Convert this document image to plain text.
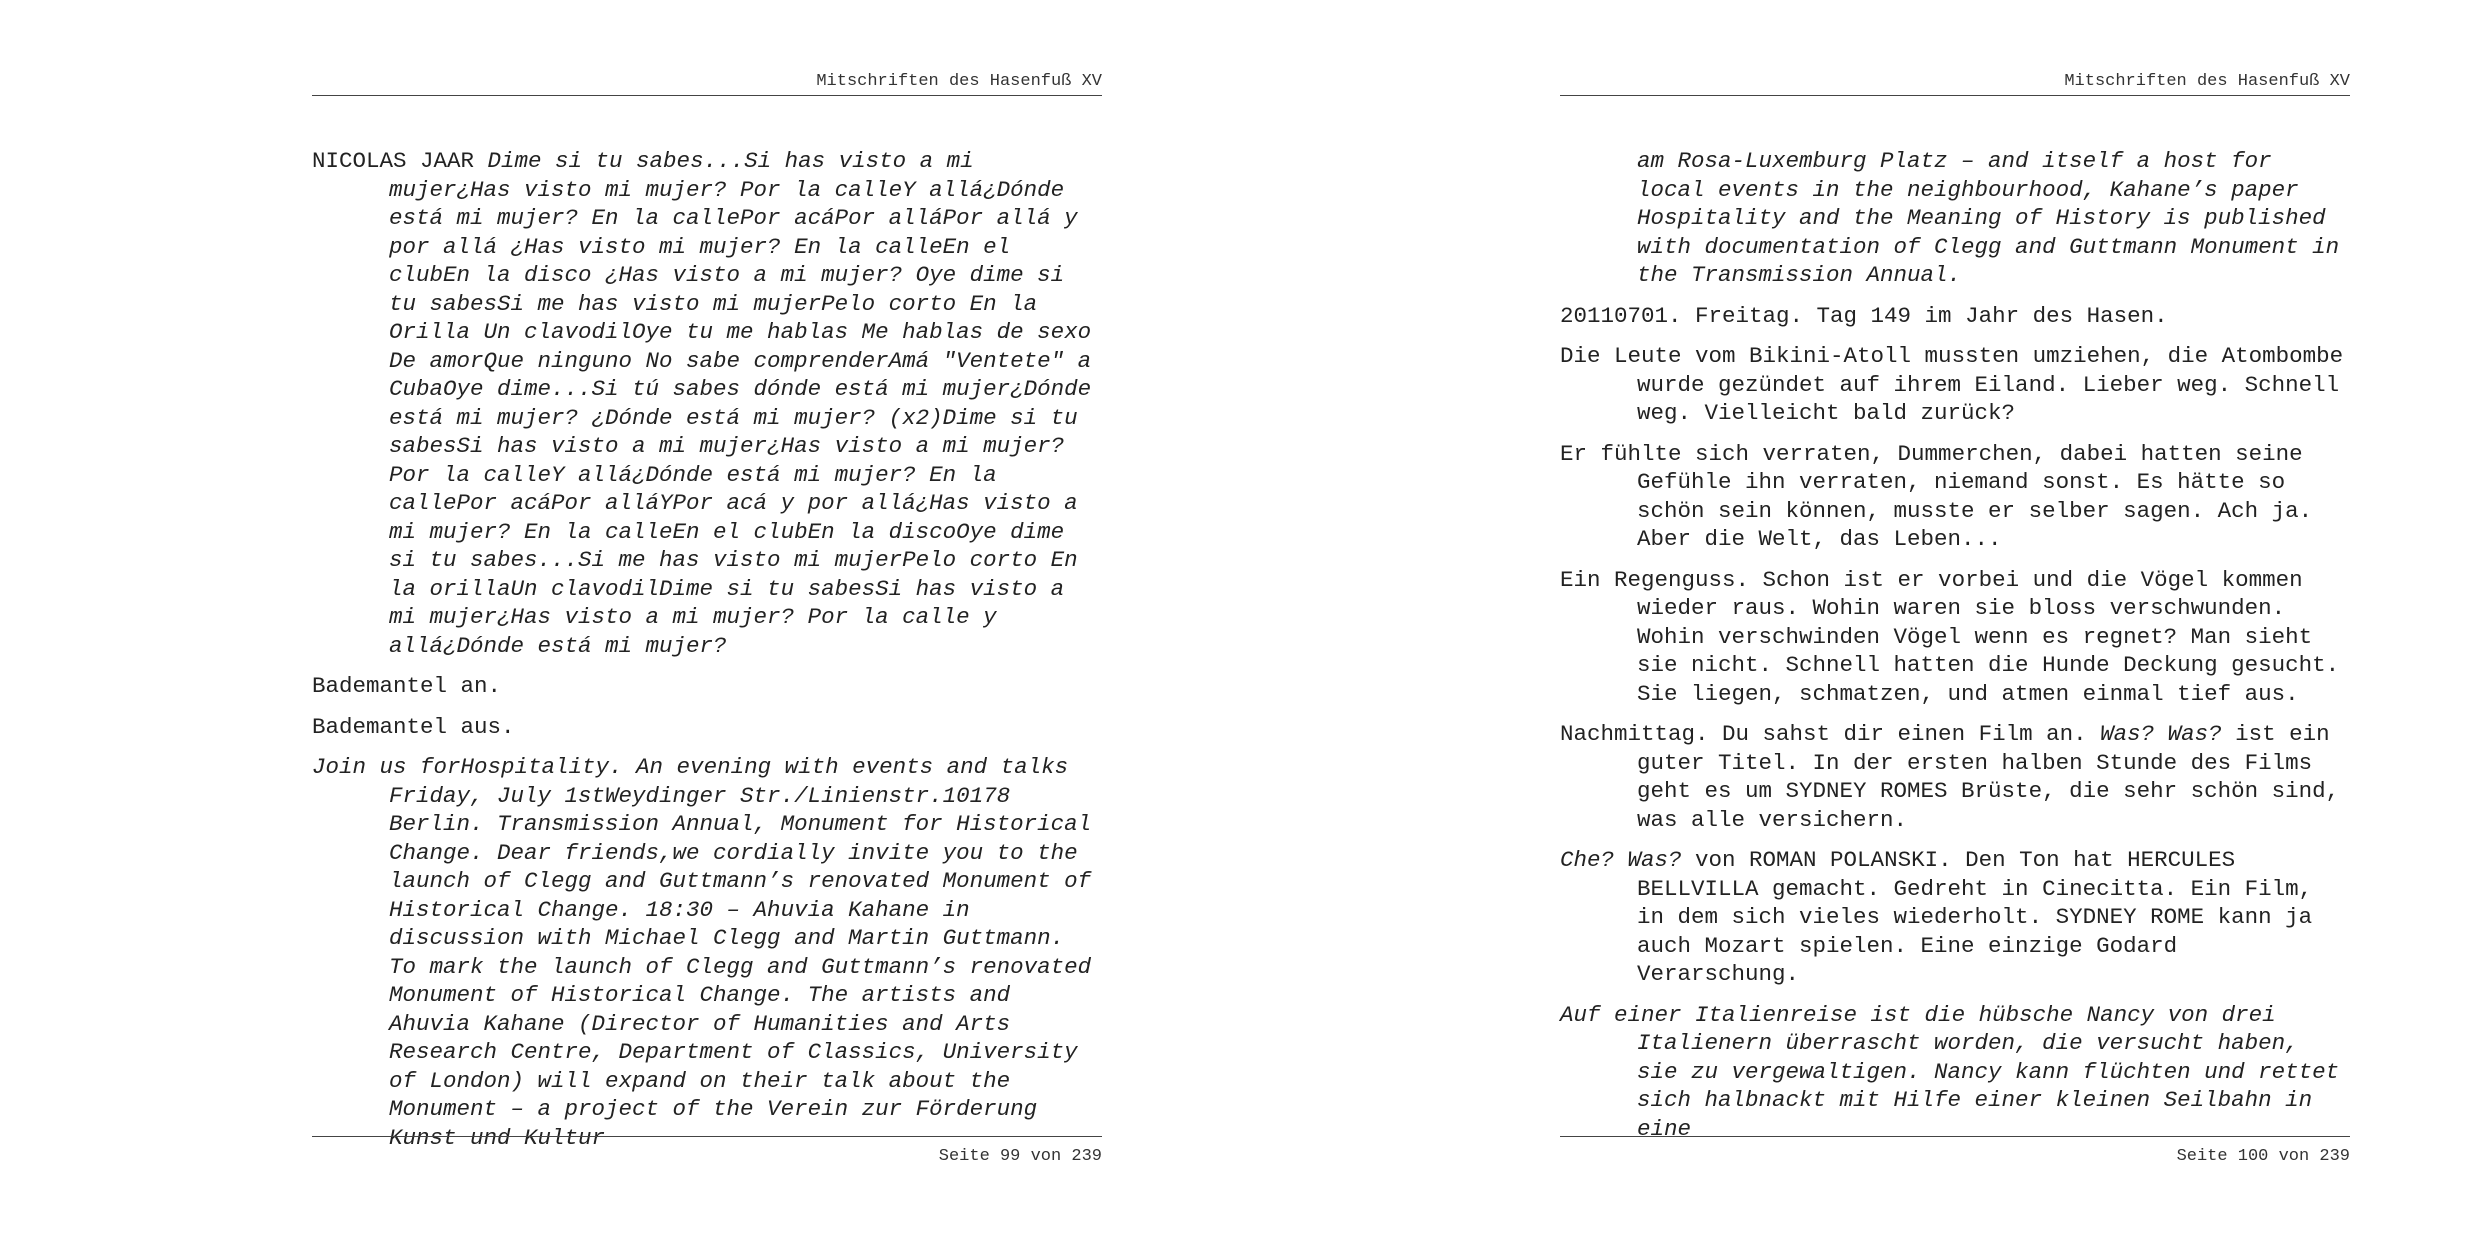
Mitschriften des Hasenfuß XV

NICOLAS JAAR Dime si tu sabes...Si has visto a mi mujer¿Has visto mi mujer? Por la calleY allá¿Dónde está mi mujer? En la callePor acáPor alláPor allá y por allá ¿Has visto mi mujer? En la calleEn el clubEn la disco ¿Has visto a mi mujer? Oye dime si tu sabesSi me has visto mi mujerPelo corto En la Orilla Un clavodilOye tu me hablas Me hablas de sexo De amorQue ninguno No sabe comprenderAmá "Ventete" a CubaOye dime...Si tú sabes dónde está mi mujer¿Dónde está mi mujer? ¿Dónde está mi mujer? (x2)Dime si tu sabesSi has visto a mi mujer¿Has visto a mi mujer? Por la calleY allá¿Dónde está mi mujer? En la callePor acáPor alláYPor acá y por allá¿Has visto a mi mujer? En la calleEn el clubEn la discoOye dime si tu sabes...Si me has visto mi mujerPelo corto En la orillaUn clavodilDime si tu sabesSi has visto a mi mujer¿Has visto a mi mujer? Por la calle y allá¿Dónde está mi mujer?

Bademantel an.

Bademantel aus.

Join us forHospitality. An evening with events and talks Friday, July 1stWeydinger Str./Linienstr.10178 Berlin. Transmission Annual, Monument for Historical Change. Dear friends,we cordially invite you to the launch of Clegg and Guttmann’s renovated Monument of Historical Change. 18:30 – Ahuvia Kahane in discussion with Michael Clegg and Martin Guttmann. To mark the launch of Clegg and Guttmann’s renovated Monument of Historical Change. The artists and Ahuvia Kahane (Director of Humanities and Arts Research Centre, Department of Classics, University of London) will expand on their talk about the Monument – a project of the Verein zur Förderung Kunst und Kultur

Seite 99 von 239
Mitschriften des Hasenfuß XV

am Rosa-Luxemburg Platz – and itself a host for local events in the neighbourhood, Kahane’s paper Hospitality and the Meaning of History is published with documentation of Clegg and Guttmann Monument in the Transmission Annual.

20110701. Freitag. Tag 149 im Jahr des Hasen.

Die Leute vom Bikini-Atoll mussten umziehen, die Atombombe wurde gezündet auf ihrem Eiland. Lieber weg. Schnell weg. Vielleicht bald zurück?

Er fühlte sich verraten, Dummerchen, dabei hatten seine Gefühle ihn verraten, niemand sonst. Es hätte so schön sein können, musste er selber sagen. Ach ja. Aber die Welt, das Leben...

Ein Regenguss. Schon ist er vorbei und die Vögel kommen wieder raus. Wohin waren sie bloss verschwunden. Wohin verschwinden Vögel wenn es regnet? Man sieht sie nicht. Schnell hatten die Hunde Deckung gesucht. Sie liegen, schmatzen, und atmen einmal tief aus.

Nachmittag. Du sahst dir einen Film an. Was? Was? ist ein guter Titel. In der ersten halben Stunde des Films geht es um SYDNEY ROMES Brüste, die sehr schön sind, was alle versichern.

Che? Was? von ROMAN POLANSKI. Den Ton hat HERCULES BELLVILLA gemacht. Gedreht in Cinecitta. Ein Film, in dem sich vieles wiederholt. SYDNEY ROME kann ja auch Mozart spielen. Eine einzige Godard Verarschung.

Auf einer Italienreise ist die hübsche Nancy von drei Italienern überrascht worden, die versucht haben, sie zu vergewaltigen. Nancy kann flüchten und rettet sich halbnackt mit Hilfe einer kleinen Seilbahn in eine

Seite 100 von 239
